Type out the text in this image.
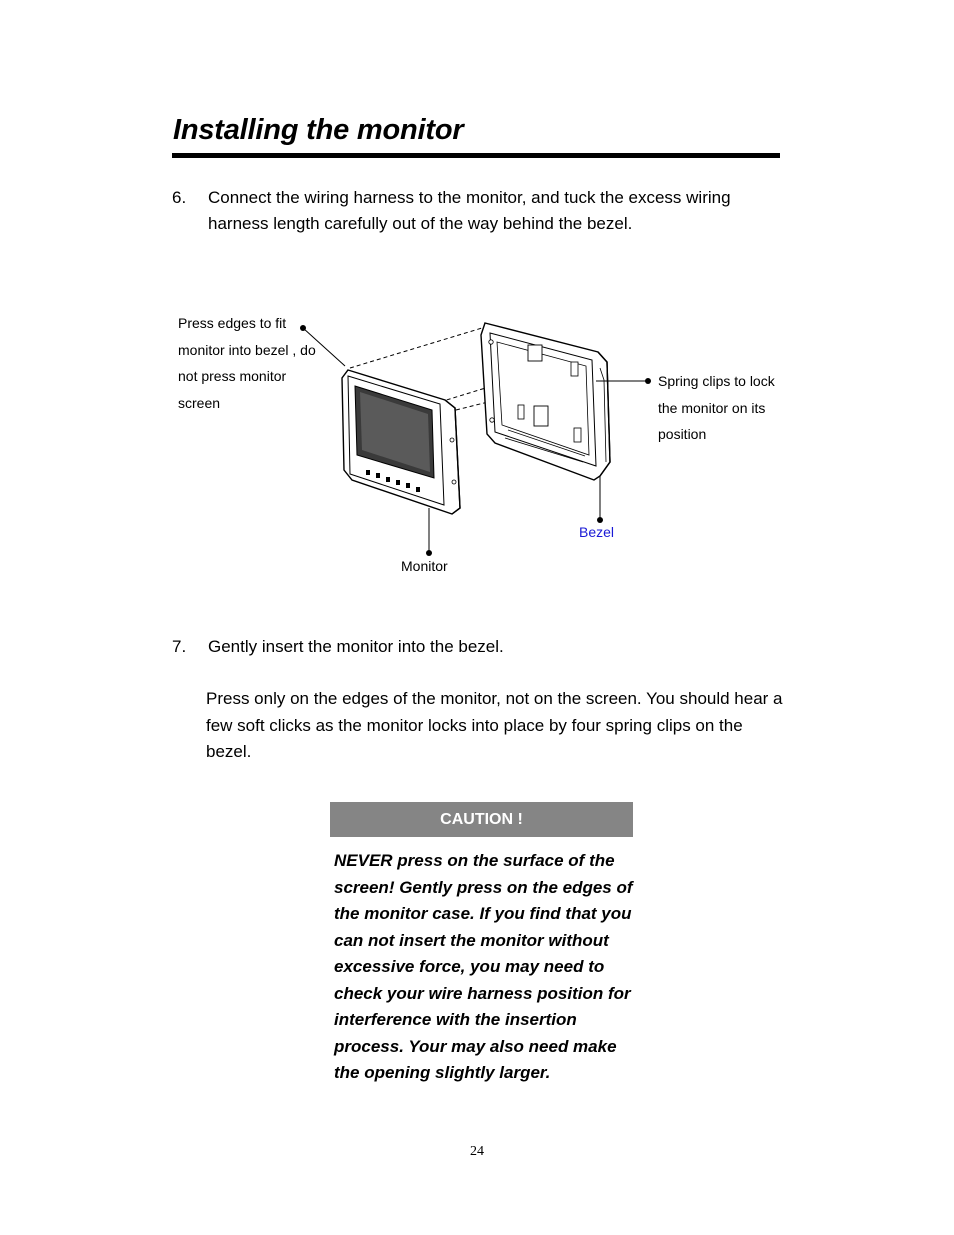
Installing the monitor
6. Connect the wiring harness to the monitor, and tuck the excess wiring harness length carefully out of the way behind the bezel.
Press edges to fit monitor into bezel , do not press monitor screen
Spring clips to lock the monitor on its position
Monitor
Bezel
7. Gently insert the monitor into the bezel.
Press only on the edges of the monitor, not on the screen. You should hear a few soft clicks as the monitor locks into place by four spring clips on the bezel.
CAUTION !
NEVER press on the surface of the screen! Gently press on the edges of the monitor case. If you find that you can not insert the monitor without excessive force, you may need to check your wire harness position for interference with the insertion process. Your may also need make the opening slightly larger.
24
